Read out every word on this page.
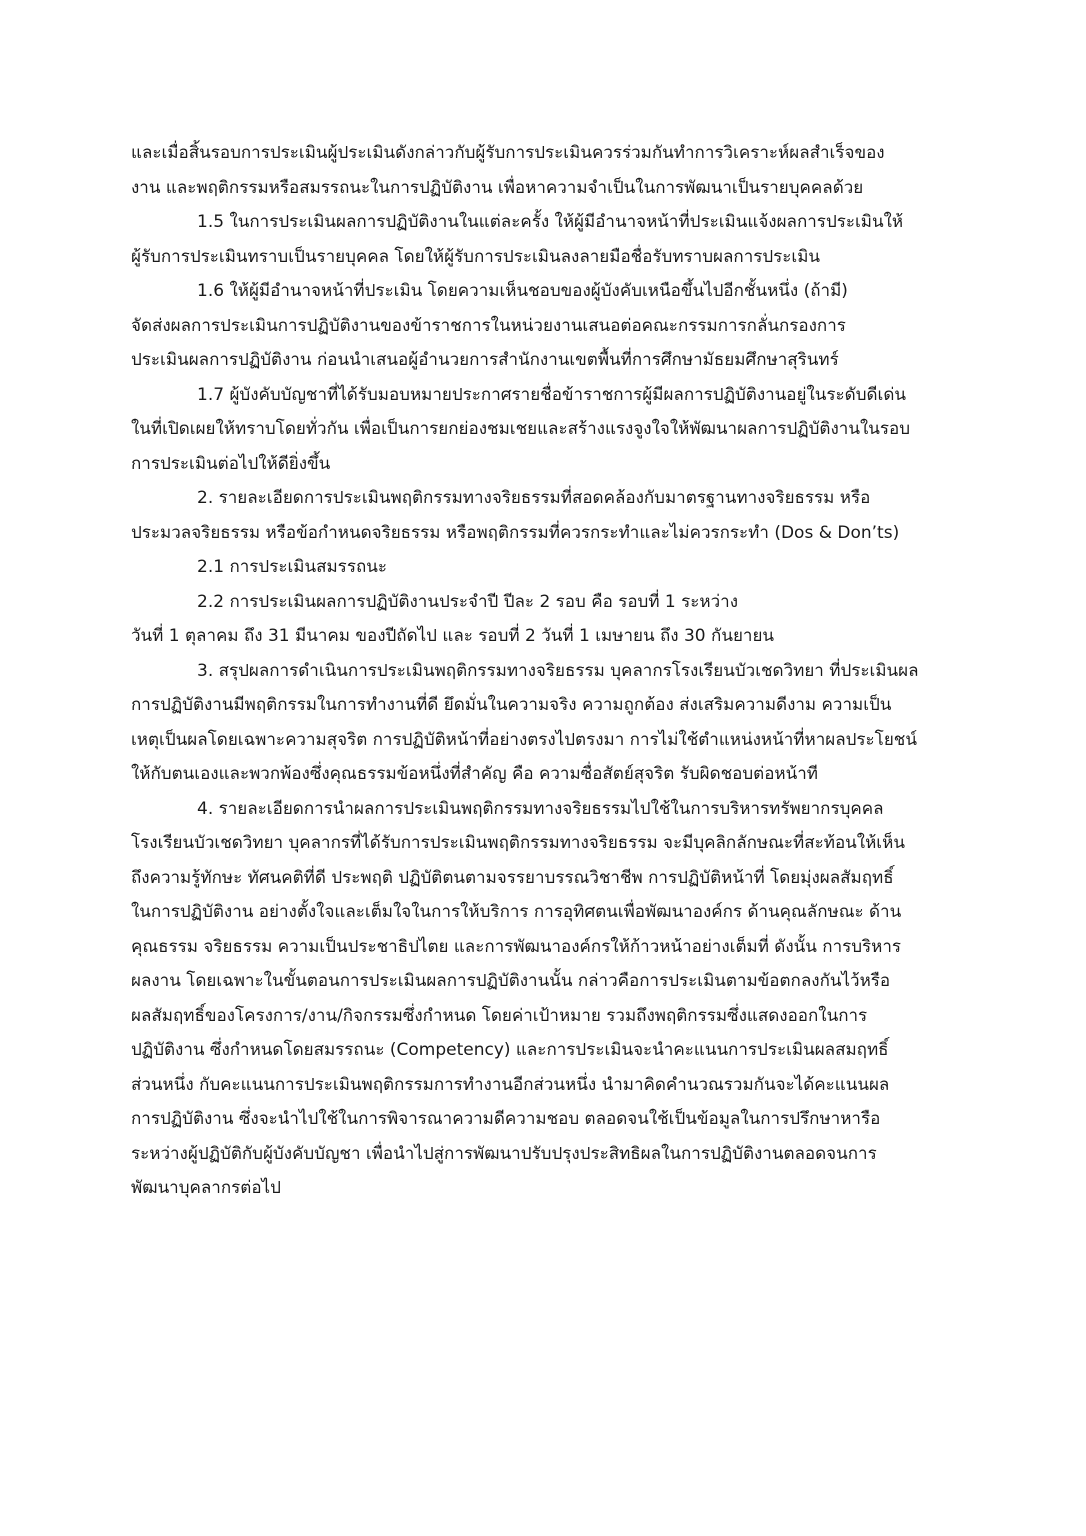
และเมื่อสิ้นรอบการประเมินผู้ประเมินดังกล่าวกับผู้รับการประเมินควรร่วมกันทำการวิเคราะห์ผลสำเร็จของ
งาน และพฤติกรรมหรือสมรรถนะในการปฏิบัติงาน เพื่อหาความจำเป็นในการพัฒนาเป็นรายบุคคลด้วย
1.5 ในการประเมินผลการปฏิบัติงานในแต่ละครั้ง ให้ผู้มีอำนาจหน้าที่ประเมินแจ้งผลการประเมินให้
ผู้รับการประเมินทราบเป็นรายบุคคล โดยให้ผู้รับการประเมินลงลายมือชื่อรับทราบผลการประเมิน
1.6 ให้ผู้มีอำนาจหน้าที่ประเมิน โดยความเห็นชอบของผู้บังคับเหนือขึ้นไปอีกชั้นหนึ่ง (ถ้ามี)
จัดส่งผลการประเมินการปฏิบัติงานของข้าราชการในหน่วยงานเสนอต่อคณะกรรมการกลั่นกรองการ
ประเมินผลการปฏิบัติงาน ก่อนนำเสนอผู้อำนวยการสำนักงานเขตพื้นที่การศึกษามัธยมศึกษาสุรินทร์
1.7 ผู้บังคับบัญชาที่ได้รับมอบหมายประกาศรายชื่อข้าราชการผู้มีผลการปฏิบัติงานอยู่ในระดับดีเด่น
ในที่เปิดเผยให้ทราบโดยทั่วกัน เพื่อเป็นการยกย่องชมเชยและสร้างแรงจูงใจให้พัฒนาผลการปฏิบัติงานในรอบ
การประเมินต่อไปให้ดียิ่งขึ้น
2. รายละเอียดการประเมินพฤติกรรมทางจริยธรรมที่สอดคล้องกับมาตรฐานทางจริยธรรม หรือ
ประมวลจริยธรรม หรือข้อกำหนดจริยธรรม หรือพฤติกรรมที่ควรกระทำและไม่ควรกระทำ (Dos & Don’ts)
2.1 การประเมินสมรรถนะ
2.2 การประเมินผลการปฏิบัติงานประจำปี ปีละ 2 รอบ คือ รอบที่ 1 ระหว่าง
วันที่ 1 ตุลาคม ถึง 31 มีนาคม ของปีถัดไป และ รอบที่ 2 วันที่ 1 เมษายน ถึง 30 กันยายน
3. สรุปผลการดำเนินการประเมินพฤติกรรมทางจริยธรรม บุคลากรโรงเรียนบัวเชดวิทยา ที่ประเมินผล
การปฏิบัติงานมีพฤติกรรมในการทำงานที่ดี ยึดมั่นในความจริง ความถูกต้อง ส่งเสริมความดีงาม ความเป็น
เหตุเป็นผลโดยเฉพาะความสุจริต การปฏิบัติหน้าที่อย่างตรงไปตรงมา การไม่ใช้ตำแหน่งหน้าที่หาผลประโยชน์
ให้กับตนเองและพวกพ้องซึ่งคุณธรรมข้อหนึ่งที่สำคัญ คือ ความซื่อสัตย์สุจริต รับผิดชอบต่อหน้าที
4. รายละเอียดการนำผลการประเมินพฤติกรรมทางจริยธรรมไปใช้ในการบริหารทรัพยากรบุคคล
โรงเรียนบัวเชดวิทยา บุคลากรที่ได้รับการประเมินพฤติกรรมทางจริยธรรม จะมีบุคลิกลักษณะที่สะท้อนให้เห็น
ถึงความรู้ทักษะ ทัศนคติที่ดี ประพฤติ ปฏิบัติตนตามจรรยาบรรณวิชาชีพ การปฏิบัติหน้าที่ โดยมุ่งผลสัมฤทธิ์
ในการปฏิบัติงาน อย่างตั้งใจและเต็มใจในการให้บริการ การอุทิศตนเพื่อพัฒนาองค์กร ด้านคุณลักษณะ ด้าน
คุณธรรม จริยธรรม ความเป็นประชาธิปไตย และการพัฒนาองค์กรให้ก้าวหน้าอย่างเต็มที่ ดังนั้น การบริหาร
ผลงาน โดยเฉพาะในขั้นตอนการประเมินผลการปฏิบัติงานนั้น กล่าวคือการประเมินตามข้อตกลงกันไว้หรือ
ผลสัมฤทธิ์ของโครงการ/งาน/กิจกรรมซึ่งกำหนด โดยค่าเป้าหมาย รวมถึงพฤติกรรมซึ่งแสดงออกในการ
ปฏิบัติงาน ซึ่งกำหนดโดยสมรรถนะ (Competency) และการประเมินจะนำคะแนนการประเมินผลสมฤทธิ์
ส่วนหนึ่ง กับคะแนนการประเมินพฤติกรรมการทำงานอีกส่วนหนึ่ง นำมาคิดคำนวณรวมกันจะได้คะแนนผล
การปฏิบัติงาน ซึ่งจะนำไปใช้ในการพิจารณาความดีความชอบ ตลอดจนใช้เป็นข้อมูลในการปรึกษาหารือ
ระหว่างผู้ปฏิบัติกับผู้บังคับบัญชา เพื่อนำไปสู่การพัฒนาปรับปรุงประสิทธิผลในการปฏิบัติงานตลอดจนการ
พัฒนาบุคลากรต่อไป
